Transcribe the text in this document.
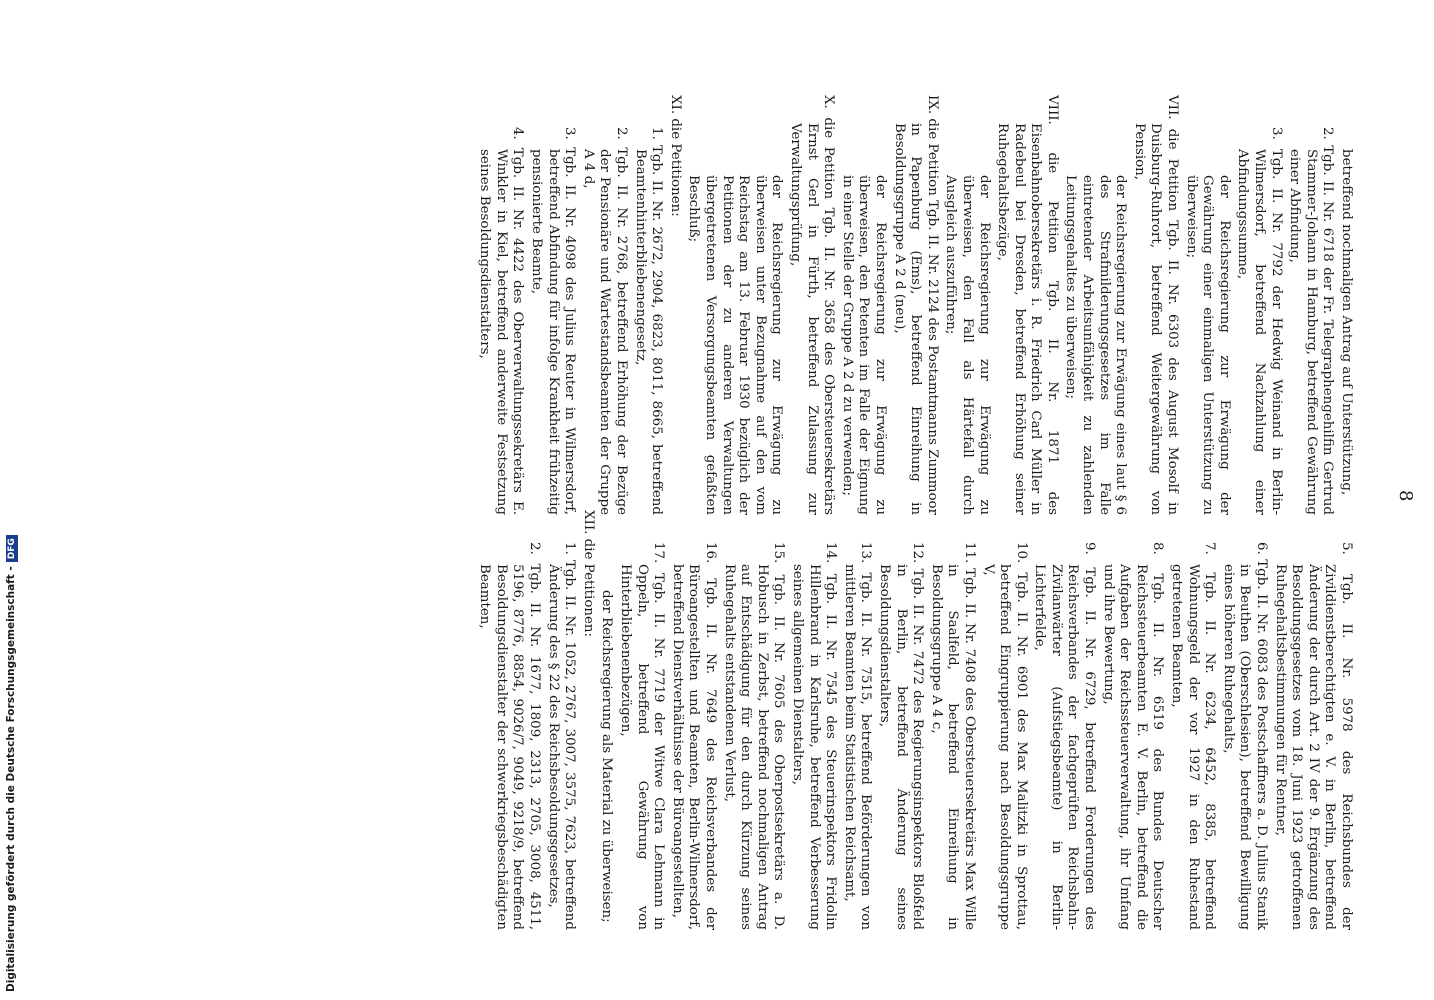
8

betreffend nochmaligen Antrag auf Unterstützung,

2. Tgb. II. Nr. 6718 der Fr. Telegraphengehilfin Gertrud Stammer-Johann in Hamburg, betreffend Gewährung einer Abfindung,

3. Tgb. II. Nr. 7792 der Hedwig Weinand in Berlin-Wilmersdorf, betreffend Nachzahlung einer Abfindungssumme,

der Reichsregierung zur Erwägung der Gewährung einer einmaligen Unterstützung zu überweisen;

VII. die Petition Tgb. II. Nr. 6303 des August Mosolf in Duisburg-Ruhrort, betreffend Weitergewährung von Pension,

der Reichsregierung zur Erwägung eines laut § 6 des Strafmilderungsgesetzes im Falle eintretender Arbeitsunfähigkeit zu zahlenden Leitungsgehaltes zu überweisen;

VIII. die Petition Tgb. II. Nr. 1871 des Eisenbahnobersekretärs i. R. Friedrich Carl Müller in Radebeul bei Dresden, betreffend Erhöhung seiner Ruhegehaltsbezüge,

der Reichsregierung zur Erwägung zu überweisen, den Fall als Härtefall durch Ausgleich auszuführen;

IX. die Petition Tgb. II. Nr. 2124 des Postamtmanns Zummoor in Papenburg (Ems), betreffend Einreihung in Besoldungsgruppe A 2 d (neu),

der Reichsregierung zur Erwägung zu überweisen, den Petenten im Falle der Eignung in einer Stelle der Gruppe A 2 d zu verwenden;

X. die Petition Tgb. II. Nr. 3658 des Obersteuersekretärs Ernst Gerl in Fürth, betreffend Zulassung zur Verwaltungsprüfung,

der Reichsregierung zur Erwägung zu überweisen unter Bezugnahme auf den vom Reichstag am 13. Februar 1930 bezüglich der Petitionen der zu anderen Verwaltungen übergetretenen Versorgungsbeamten gefaßten Beschluß;

XI. die Petitionen:

1. Tgb. II. Nr. 2672, 2904, 6823, 8011, 8665, betreffend Beamtenhinterbliebenengesetz,

2. Tgb. II. Nr. 2768, betreffend Erhöhung der Bezüge der Pensionäre und Wartestandsbeamten der Gruppe A 4 d,

3. Tgb. II. Nr. 4098 des Julius Reuter in Wilmersdorf, betreffend Abfindung für infolge Krankheit frühzeitig pensionierte Beamte,

4. Tgb. II. Nr. 4422 des Oberverwaltungssekretärs E. Winkler in Kiel, betreffend anderweite Festsetzung seines Besoldungsdienstalters,

5. Tgb. II. Nr. 5978 des Reichsbundes der Zivildienstberechtigten e. V. in Berlin, betreffend Änderung der durch Art. 2 IV der 9. Ergänzung des Besoldungsgesetzes vom 18. Juni 1923 getroffenen Ruhegehaltsbestimmungen für Rentner,

6. Tgb. II. Nr. 6083 des Postschaffners a. D. Julius Stanik in Beuthen (Oberschlesien), betreffend Bewilligung eines höheren Ruhegehalts,

7. Tgb. II. Nr. 6234, 6452, 8385, betreffend Wohnungsgeld der vor 1927 in den Ruhestand getretenen Beamten,

8. Tgb. II. Nr. 6519 des Bundes Deutscher Reichssteuerbeamten E. V. Berlin, betreffend die Aufgaben der Reichssteuerverwaltung, ihr Umfang und ihre Bewertung,

9. Tgb. II. Nr. 6729, betreffend Forderungen des Reichsverbandes der fachgeprüften Reichsbahn-Zivilanwärter (Aufstiegsbeamte) in Berlin-Lichterfelde,

10. Tgb. II. Nr. 6901 des Max Malitzki in Sprottau, betreffend Eingruppierung nach Besoldungsgruppe V,

11. Tgb. II. Nr. 7408 des Obersteuersekretärs Max Wille in Saalfeld, betreffend Einreihung in Besoldungsgruppe A 4 c,

12. Tgb. II. Nr. 7472 des Regierungsinspektors Bloßfeld in Berlin, betreffend Änderung seines Besoldungsdienstalters,

13. Tgb. II. Nr. 7515, betreffend Beförderungen von mittleren Beamten beim Statistischen Reichsamt,

14. Tgb. II. Nr. 7545 des Steuerinspektors Fridolin Hillenbrand in Karlsruhe, betreffend Verbesserung seines allgemeinen Dienstalters,

15. Tgb. II. Nr. 7605 des Oberpostsekretärs a. D. Hobusch in Zerbst, betreffend nochmaligen Antrag auf Entschädigung für den durch Kürzung seines Ruhegehalts entstandenen Verlust,

16. Tgb. II. Nr. 7649 des Reichsverbandes der Büroangestellten und Beamten, Berlin-Wilmersdorf, betreffend Dienstverhältnisse der Büroangestellten,

17. Tgb. II. Nr. 7719 der Witwe Clara Lehmann in Oppeln, betreffend Gewährung von Hinterbliebenenbezügen,

der Reichsregierung als Material zu überweisen;

XII. die Petitionen:

1. Tgb. II. Nr. 1052, 2767, 3007, 3575, 7623, betreffend Änderung des § 22 des Reichsbesoldungsgesetzes,

2. Tgb. II. Nr. 1677, 1809, 2313, 2705, 3008, 4511, 5196, 8776, 8854, 9026/7, 9049, 9218/9, betreffend Besoldungsdienstalter der schwerkriegsbeschädigten Beamten,

Digitalisierung gefördert durch die Deutsche Forschungsgemeinschaft -DFG
